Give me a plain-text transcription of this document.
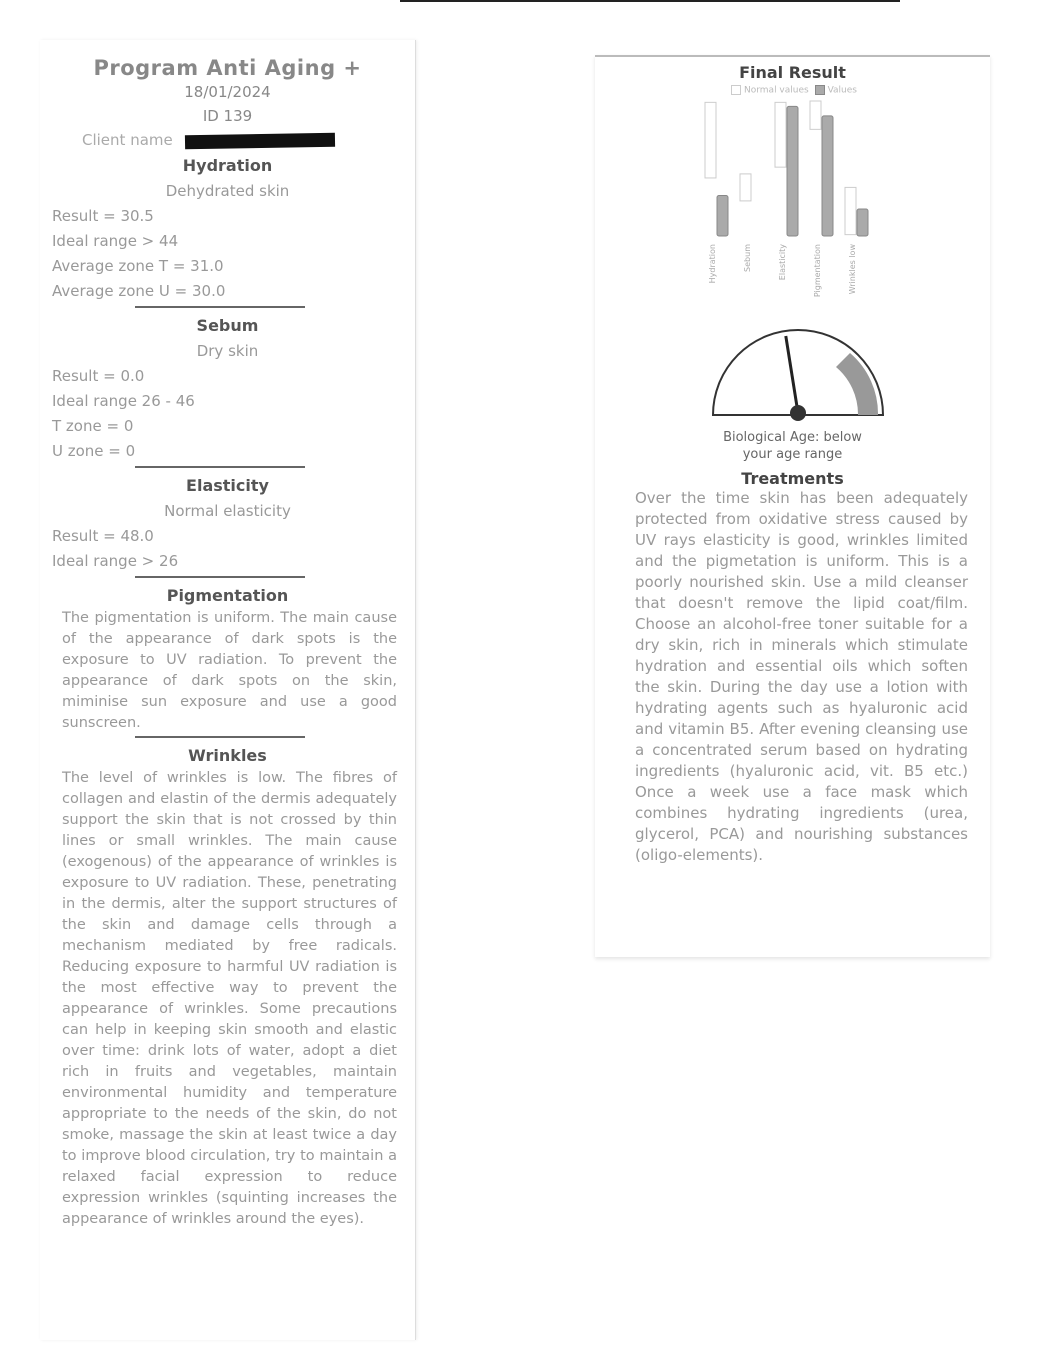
Program Anti Aging +
18/01/2024
ID 139
Client name
Hydration
Dehydrated skin
Result = 30.5
Ideal range > 44
Average zone T = 31.0
Average zone U = 30.0
Sebum
Dry skin
Result = 0.0
Ideal range 26 - 46
T zone = 0
U zone = 0
Elasticity
Normal elasticity
Result = 48.0
Ideal range > 26
Pigmentation
The pigmentation is uniform. The main cause of the appearance of dark spots is the exposure to UV radiation. To prevent the appearance of dark spots on the skin, miminise sun exposure and use a good sunscreen.
Wrinkles
The level of wrinkles is low. The fibres of collagen and elastin of the dermis adequately support the skin that is not crossed by thin lines or small wrinkles. The main cause (exogenous) of the appearance of wrinkles is exposure to UV radiation. These, penetrating in the dermis, alter the support structures of the skin and damage cells through a mechanism mediated by free radicals. Reducing exposure to harmful UV radiation is the most effective way to prevent the appearance of wrinkles. Some precautions can help in keeping skin smooth and elastic over time: drink lots of water, adopt a diet rich in fruits and vegetables, maintain environmental humidity and temperature appropriate to the needs of the skin, do not smoke, massage the skin at least twice a day to improve blood circulation, try to maintain a relaxed facial expression to reduce expression wrinkles (squinting increases the appearance of wrinkles around the eyes).
Final Result
Normal values Values
Hydration	Sebum	Elasticity	Pigmentation	Wrinkles low

Biological Age: below
your age range
Treatments
Over the time skin has been adequately protected from oxidative stress caused by UV rays elasticity is good, wrinkles limited and the pigmetation is uniform. This is a poorly nourished skin. Use a mild cleanser that doesn't remove the lipid coat/film. Choose an alcohol-free toner suitable for a dry skin, rich in minerals which stimulate hydration and essential oils which soften the skin. During the day use a lotion with hydrating agents such as hyaluronic acid and vitamin B5. After evening cleansing use a concentrated serum based on hydrating ingredients (hyaluronic acid, vit. B5 etc.) Once a week use a face mask which combines hydrating ingredients (urea, glycerol, PCA) and nourishing substances (oligo-elements).
